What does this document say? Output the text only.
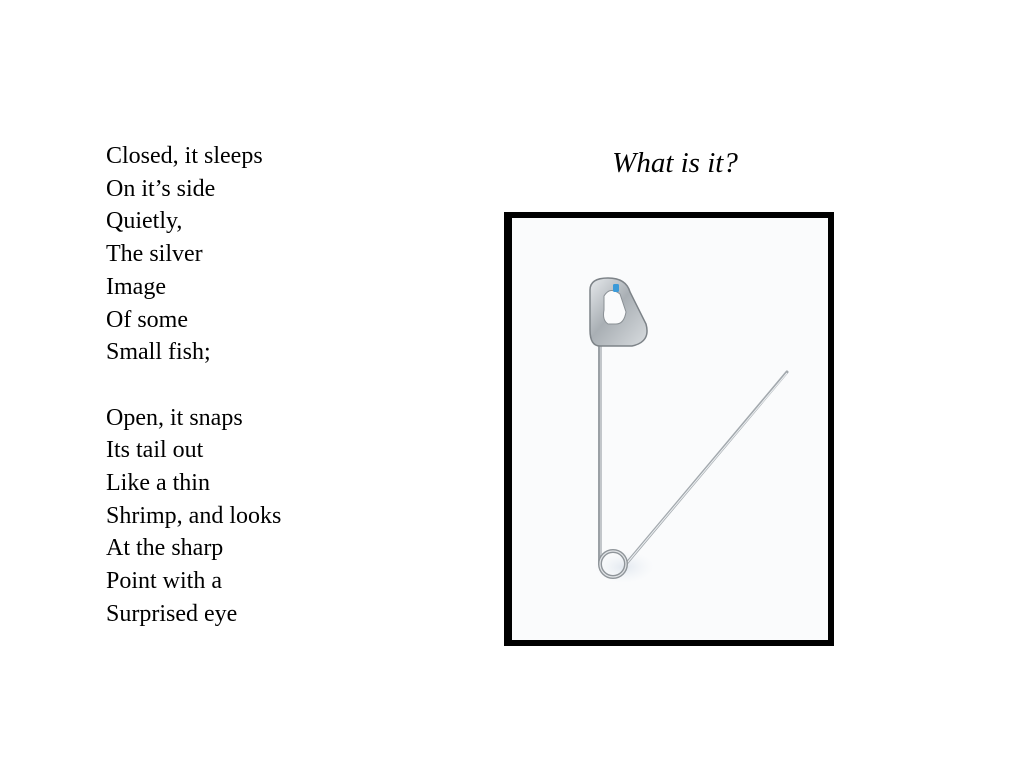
Closed, it sleeps
On it’s side
Quietly,
The silver
Image
Of some
Small fish;
Open, it snaps
Its tail out
Like a thin
Shrimp, and looks
At the sharp
Point with a
Surprised eye
What is it?
